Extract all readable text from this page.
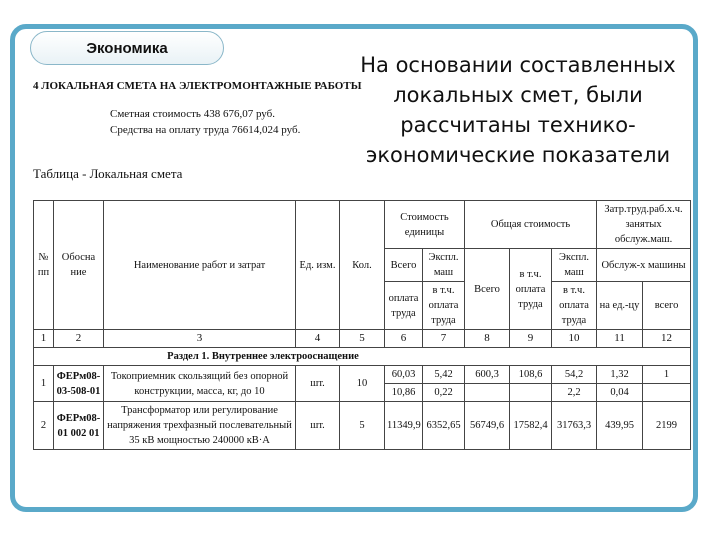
Экономика
На основании составленных локальных смет, были рассчитаны технико-экономические показатели
4 ЛОКАЛЬНАЯ СМЕТА НА ЭЛЕКТРОМОНТАЖНЫЕ РАБОТЫ
Сметная стоимость 438 676,07 руб.
Средства на оплату труда 76614,024 руб.
Таблица - Локальная смета
№ пп	Обосна ние	Наименование работ и затрат	Ед. изм.	Кол.	Стоимость единицы		Общая стоимость			Затр.труд.раб.х.ч. занятых обслуж.маш.	
					Всего	Экспл. маш	Всего	в т.ч. оплата труда	Экспл. маш	Обслуж-х машины	
					оплата труда	в т.ч. оплата труда			в т.ч. оплата труда	на ед.-цу	всего
1	2	3	4	5	6	7	8	9	10	11	12
		Раздел 1. Внутреннее электрооснащение									
1	ФЕРм08-03-508-01	Токоприемник скользящий без опорной конструкции, масса, кг, до 10	шт.	10	60,03	5,42	600,3	108,6	54,2	1,32	1
					10,86	0,22			2,2	0,04	
2	ФЕРм08-01 002 01	Трансформатор или регулирование напряжения трехфазный послевательный 35 кВ мощностью 240000 кВ·А	шт.	5	11349,9	6352,65	56749,6	17582,4	31763,3	439,95	2199
